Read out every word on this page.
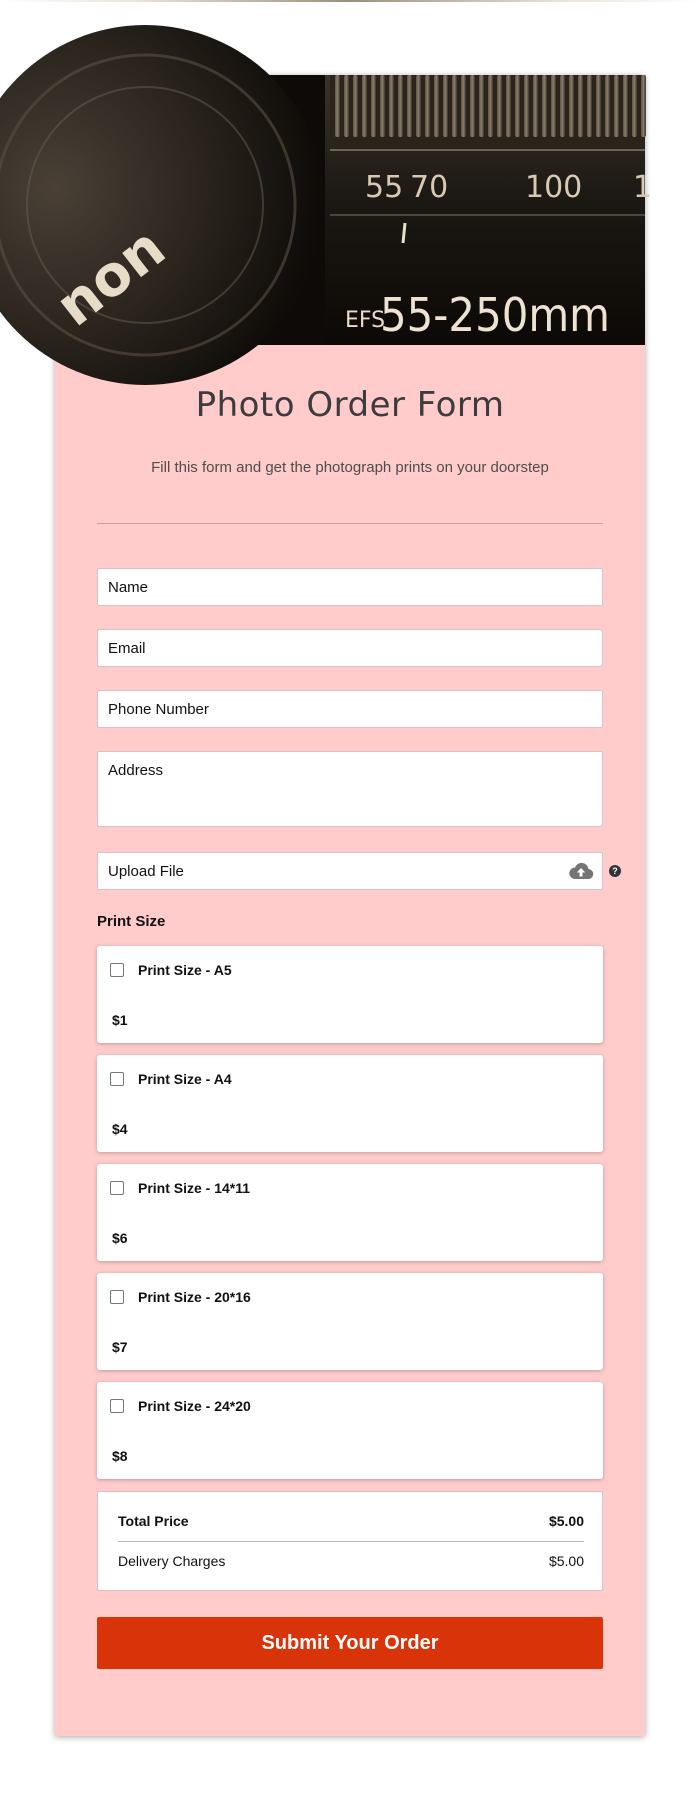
55 70	100 1
EFS
55-250mm
non
Photo Order Form
Fill this form and get the photograph prints on your doorstep
Name
Email
Phone Number
Address
Upload File	?
Print Size
Print Size - A5
$1
Print Size - A4
$4
Print Size - 14*11
$6
Print Size - 20*16
$7
Print Size - 24*20
$8
Total Price	$5.00
Delivery Charges	$5.00
Submit Your Order
